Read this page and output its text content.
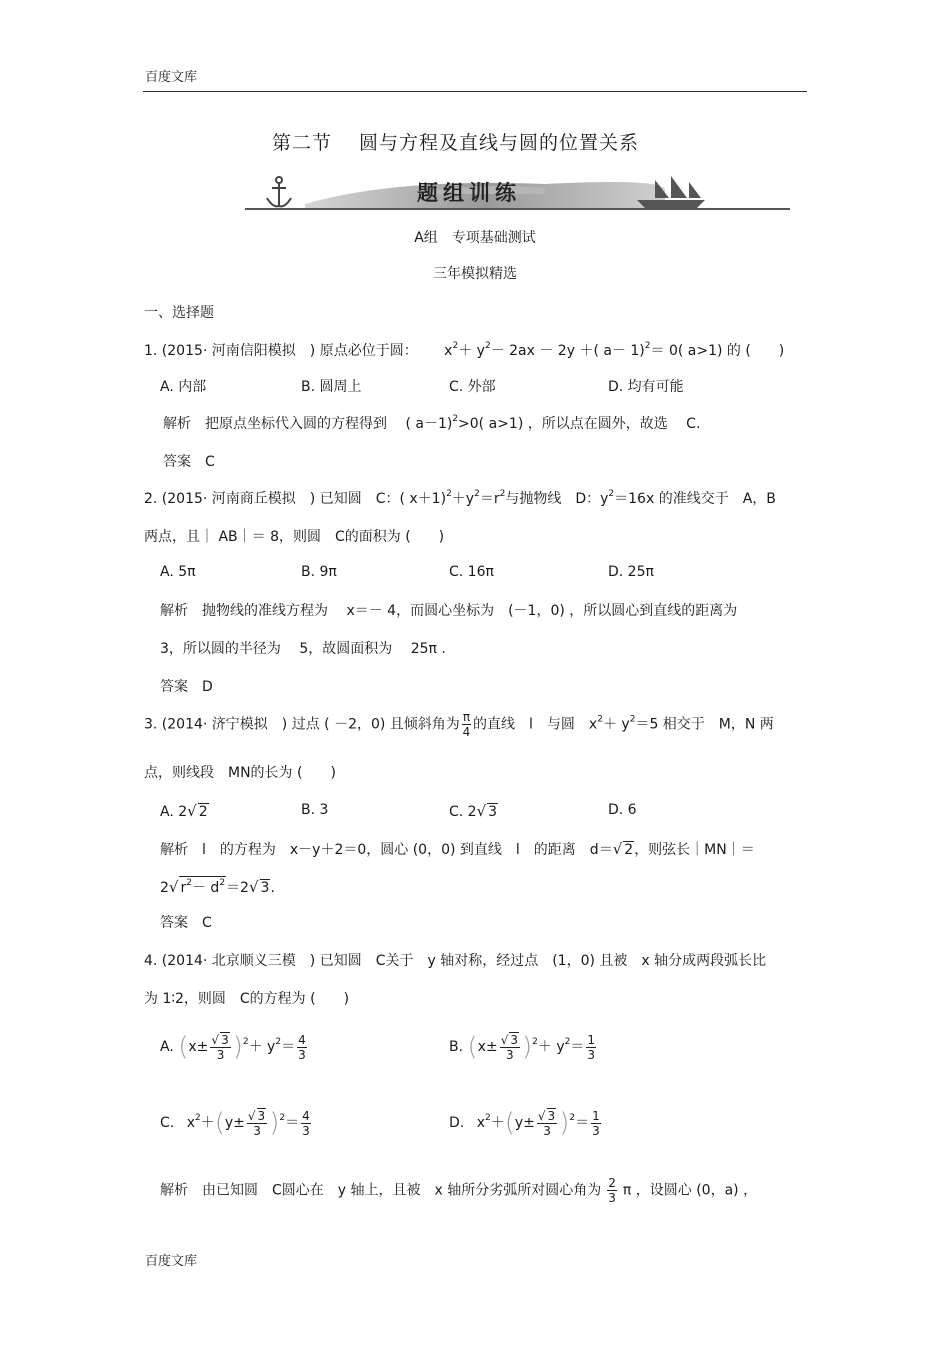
百度文库
第二节　 圆与方程及直线与圆的位置关系
题组训练
A组　专项基础测试
三年模拟精选
一、选择题
1. (2015· 河南信阳模拟　) 原点必位于圆： $x^2+ y^2- 2ax - 2y$ ＋( a－ 1)$^2$＝ 0( a>1) 的 (　　)
A. 内部	B. 圆周上	C. 外部	D. 均有可能
解析　把原点坐标代入圆的方程得到　 ( a－1)$^2$>0( a>1) ，所以点在圆外，故选　 C.
答案　C
2. (2015· 河南商丘模拟　) 已知圆　C：( $x+1)^2+y^2=r^2$与抛物线　D：$y^2=16x$ 的准线交于　A，B
两点，且｜ AB｜＝ 8，则圆　C的面积为 (　　)
A. 5π	B. 9π	C. 16π	D. 25π
解析　抛物线的准线方程为　 x＝－ 4，而圆心坐标为　(－1，0) ，所以圆心到直线的距离为
3，所以圆的半径为　 5，故圆面积为　 25π .
答案　D
3. (2014· 济宁模拟　) 过点 ( －2，0) 且倾斜角为 $\frac{\pi}{4}$ 的直线　l　与圆　$x^2+ y^2=5$ 相交于　M，N 两
点，则线段　MN的长为 (　　)
A. 2√ 2	B. 3	C. 2√ 3	D. 6
解析　l　的方程为　x－y＋2＝0，圆心 (0，0) 到直线　l　的距离　d＝√ 2，则弦长｜MN｜＝
2√ $r^2- d^2=2√$ 3.
答案　C
4. (2014· 北京顺义三模　) 已知圆　C关于　y 轴对称，经过点　(1，0) 且被　x 轴分成两段弧长比
为 1∶2，则圆　C的方程为 (　　)
A. $(x\pm \frac{√ 3}{3} )^2+ y^2= \frac{4}{3}$	B. $(x\pm \frac{√ 3}{3} )^2+ y^2= \frac{1}{3}$
C. $x^2+(y\pm \frac{√ 3}{3} )^2= \frac{4}{3}$	D. $x^2+(y\pm \frac{√ 3}{3} )^2= \frac{1}{3}$
解析　由已知圆　C圆心在　y 轴上，且被　x 轴所分劣弧所对圆心角为 $\frac{2}{3}$ π ，设圆心 (0，a) ，
百度文库
